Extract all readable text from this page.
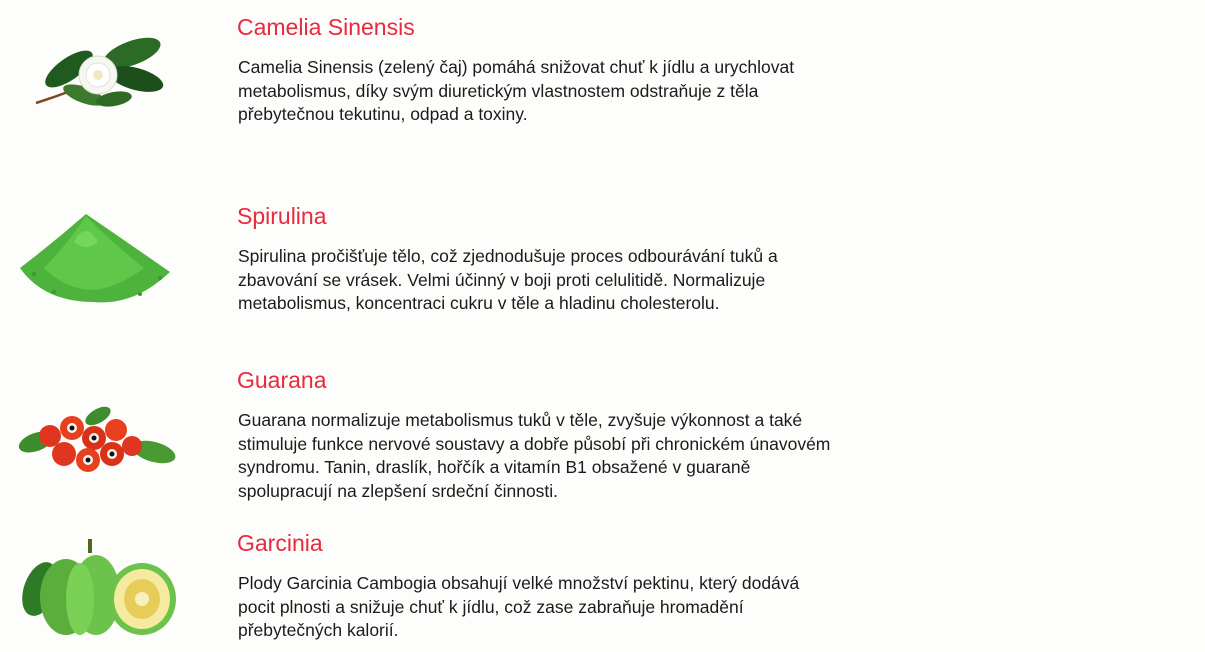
Camelia Sinensis

Camelia Sinensis (zelený čaj) pomáhá snižovat chuť k jídlu a urychlovat metabolismus, díky svým diuretickým vlastnostem odstraňuje z těla přebytečnou tekutinu, odpad a toxiny.

Spirulina

Spirulina pročišťuje tělo, což zjednodušuje proces odbourávání tuků a zbavování se vrásek. Velmi účinný v boji proti celulitidě. Normalizuje metabolismus, koncentraci cukru v těle a hladinu cholesterolu.

Guarana

Guarana normalizuje metabolismus tuků v těle, zvyšuje výkonnost a také stimuluje funkce nervové soustavy a dobře působí při chronickém únavovém syndromu. Tanin, draslík, hořčík a vitamín B1 obsažené v guaraně spolupracují na zlepšení srdeční činnosti.

Garcinia

Plody Garcinia Cambogia obsahují velké množství pektinu, který dodává pocit plnosti a snižuje chuť k jídlu, což zase zabraňuje hromadění přebytečných kalorií.
